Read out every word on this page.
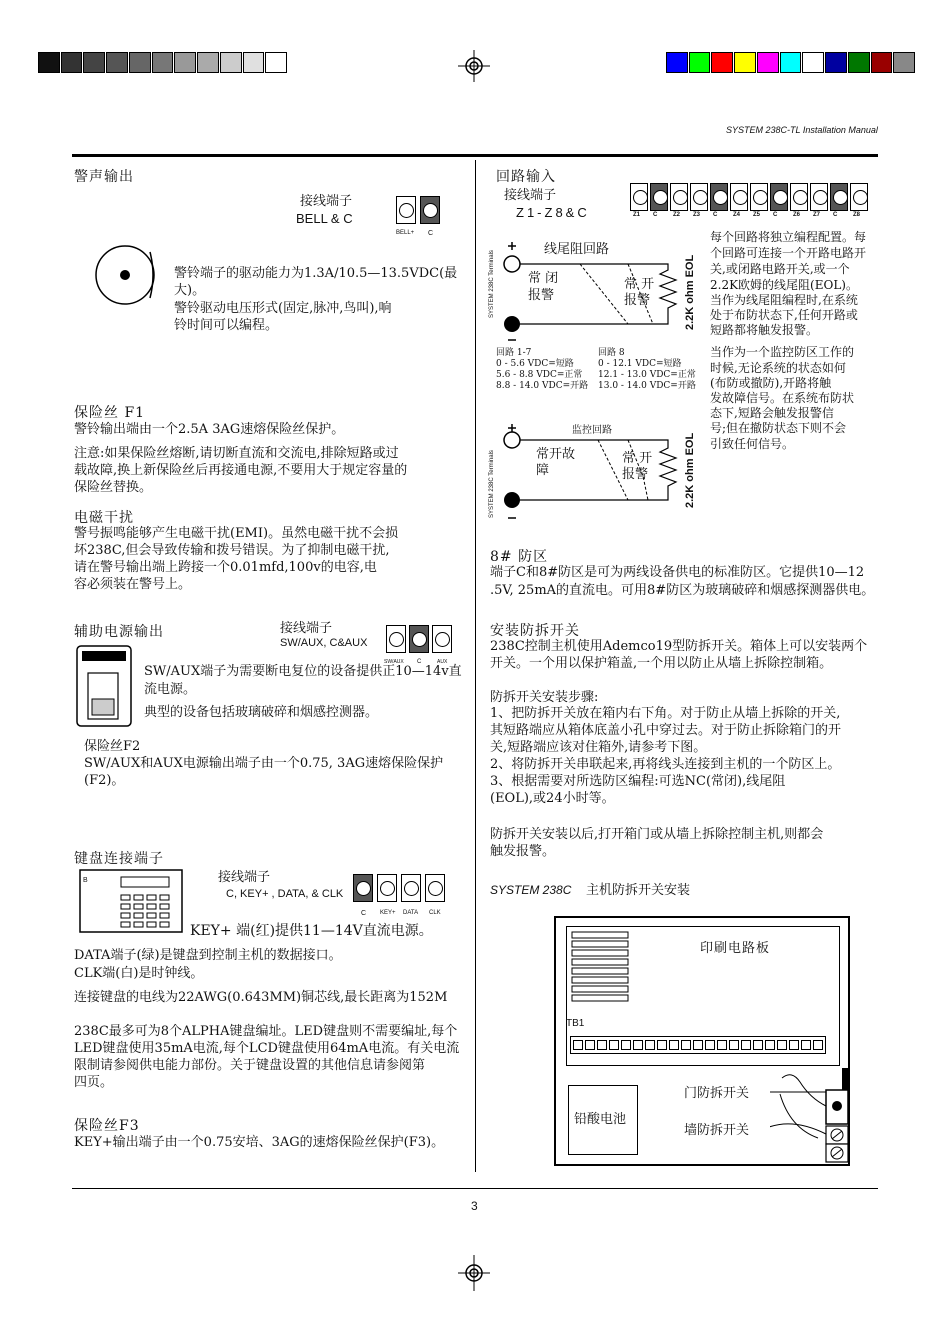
SYSTEM 238C-TL Installation Manual
警声输出
接线端子
BELL & C
BELL+ C
警铃端子的驱动能力为1.3A/10.5—13.5VDC(最
大)。
警铃驱动电压形式(固定,脉冲,鸟叫),响
铃时间可以编程。
保险丝 F1
警铃输出端由一个2.5A 3AG速熔保险丝保护。
注意:如果保险丝熔断,请切断直流和交流电,排除短路或过
载故障,换上新保险丝后再接通电源,不要用大于规定容量的
保险丝替换。
电磁干扰
警号振鸣能够产生电磁干扰(EMI)。虽然电磁干扰不会损
坏238C,但会导致传输和拨号错误。为了抑制电磁干扰,
请在警号输出端上跨接一个0.01mfd,100v的电容,电
容必须装在警号上。
辅助电源输出	接线端子
SW/AUX, C&AUX
SW/AUX C	AUX
SW/AUX端子为需要断电复位的设备提供正10—14v直
流电源。
典型的设备包括玻璃破碎和烟感控测器。
保险丝F2
SW/AUX和AUX电源输出端子由一个0.75, 3AG速熔保险保护
(F2)。
键盘连接端子
接线端子
C, KEY+ , DATA, & CLK
C KEY+ DATA CLK
B
KEY+ 端(红)提供11—14V直流电源。
DATA端子(绿)是键盘到控制主机的数据接口。
CLK端(白)是时钟线。
连接键盘的电线为22AWG(0.643MM)铜芯线,最长距离为152M
238C最多可为8个ALPHA键盘编址。LED键盘则不需要编址,每个
LED键盘使用35mA电流,每个LCD键盘使用64mA电流。有关电流
限制请参阅供电能力部份。关于键盘设置的其他信息请参阅第
四页。
保险丝F3
KEY+输出端子由一个0.75安培、3AG的速熔保险丝保护(F3)。
回路输入
接线端子
Z1-Z8&C	Z1 C	Z2 Z3 C	Z4 Z5 C	Z6 Z7 C	Z8
SYSTEM 238C Terminals
线尾阻回路
常 闭
报警
常 开
报警	2.2K ohm EOL
回路 1-7
0 - 5.6 VDC=短路
5.6 - 8.8 VDC=正常
8.8 - 14.0 VDC=开路
回路 8
0 - 12.1 VDC=短路
12.1 - 13.0 VDC=正常
13.0 - 14.0 VDC=开路
监控回路
SYSTEM 238C Terminals	常开故
障
常 开
报警	2.2K ohm EOL
每个回路将独立编程配置。每
个回路可连接一个开路电路开
关,或闭路电路开关,或一个
2.2K欧姆的线尾阻(EOL)。
当作为线尾阻编程时,在系统
处于布防状态下,任何开路或
短路都将触发报警。
当作为一个监控防区工作的
时候,无论系统的状态如何
(布防或撤防),开路将触
发故障信号。在系统布防状
态下,短路会触发报警信
号;但在撤防状态下则不会
引致任何信号。
8# 防区
端子C和8#防区是可为两线设备供电的标准防区。它提供10—12
.5V, 25mA的直流电。可用8#防区为玻璃破碎和烟感探测器供电。
安装防拆开关
238C控制主机使用Ademco19型防拆开关。箱体上可以安装两个
开关。一个用以保护箱盖,一个用以防止从墙上拆除控制箱。
防拆开关安装步骤:
1、把防拆开关放在箱内右下角。对于防止从墙上拆除的开关,
其短路端应从箱体底盖小孔中穿过去。对于防止拆除箱门的开
关,短路端应该对住箱外,请参考下图。
2、将防拆开关串联起来,再将线头连接到主机的一个防区上。
3、根据需要对所选防区编程:可选NC(常闭),线尾阻
(EOL),或24小时等。
防拆开关安装以后,打开箱门或从墙上拆除控制主机,则都会
触发报警。
SYSTEM 238C 主机防拆开关安装
印刷电路板
TB1
铅酸电池
门防拆开关
墙防拆开关
3
